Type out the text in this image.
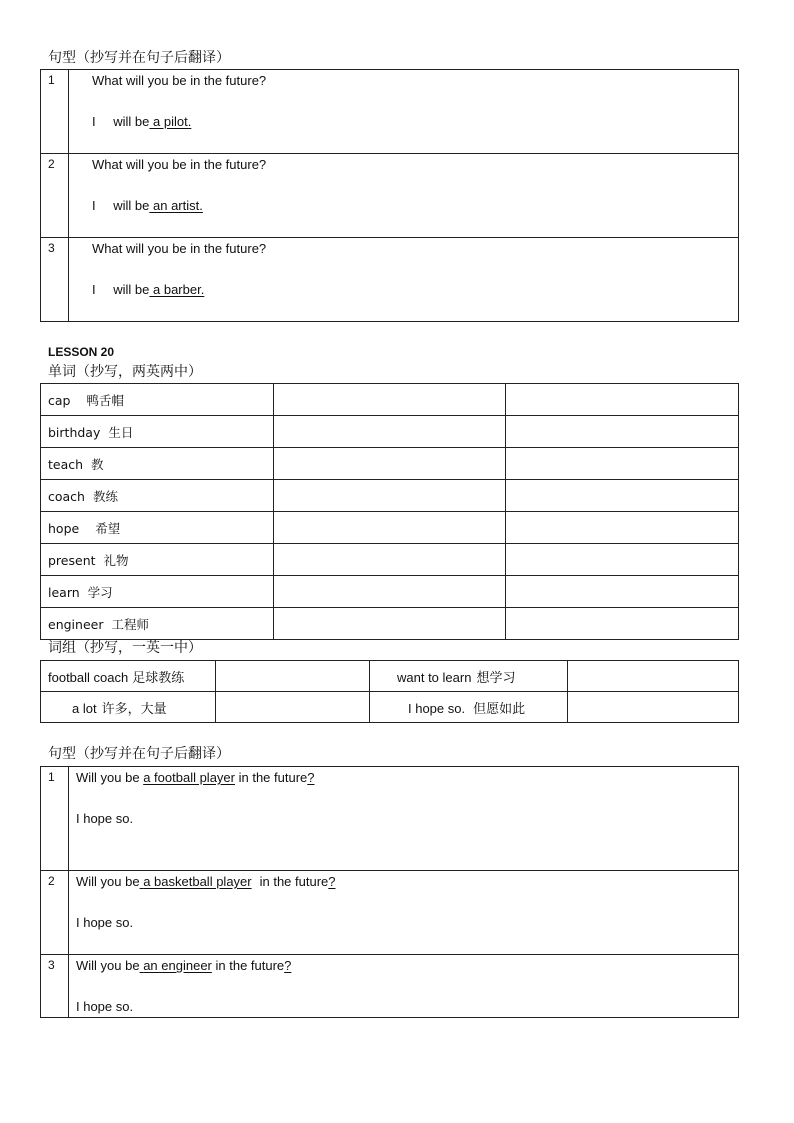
句型（抄写并在句子后翻译）
1	What will you be in the future?
I will be a pilot.

2	What will you be in the future?
I will be an artist.

3	What will you be in the future?
I will be a barber.
LESSON 20
单词（抄写，两英两中）
cap 鸭舌帽		
birthday 生日		
teach 教		
coach 教练		
hope 希望		
present 礼物		
learn 学习		
engineer 工程师		
词组（抄写，一英一中）
football coach 足球教练		want to learn 想学习	
a lot 许多，大量		I hope so. 但愿如此	
句型（抄写并在句子后翻译）
1	Will you be a football player in the future?
I hope so.

2	Will you be a basketball player in the future?
I hope so.

3	Will you be an engineer in the future?
I hope so.
